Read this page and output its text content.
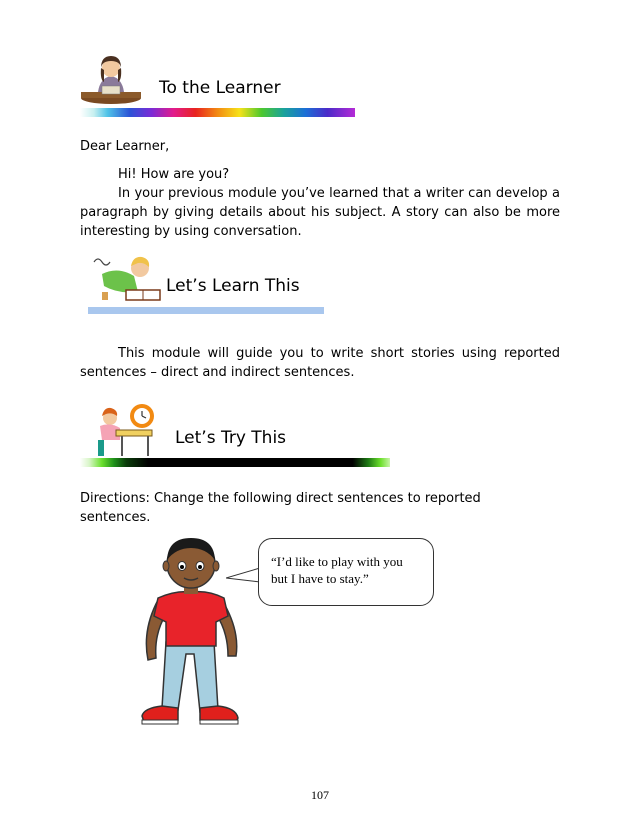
To the Learner
Dear Learner,
Hi! How are you?
In your previous module you’ve learned that a writer can develop a paragraph by giving details about his subject. A story can also be more interesting by using conversation.
Let’s Learn This
This module will guide you to write short stories using reported sentences – direct and indirect sentences.
Let’s Try This
Directions: Change the following direct sentences to reported sentences.
“I’d like to play with you
but I have to stay.”
107
